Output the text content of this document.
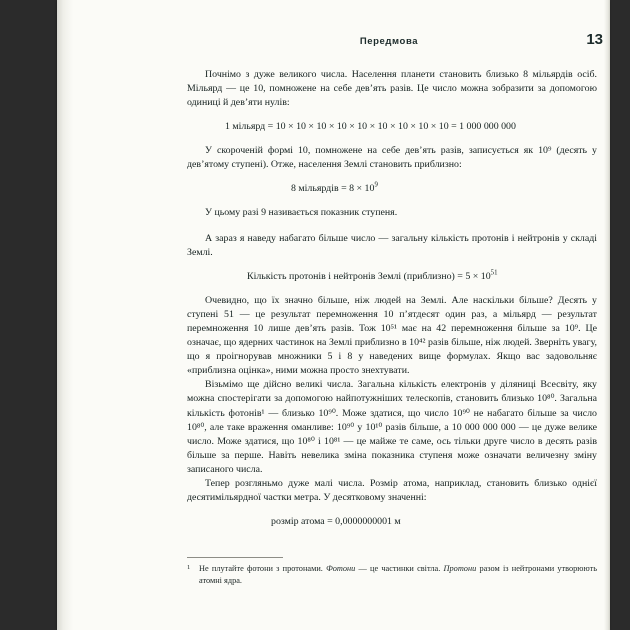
Передмова	13

Почнімо з дуже великого числа. Населення планети становить близько 8 мільярдів осіб. Мільярд — це 10, помножене на себе дев’ять разів. Це число можна зобразити за допомогою одиниці й дев’яти нулів:

1 мільярд = 10 × 10 × 10 × 10 × 10 × 10 × 10 × 10 × 10 = 1 000 000 000

У скороченій формі 10, помножене на себе дев’ять разів, записується як 10⁹ (десять у дев’ятому ступені). Отже, населення Землі становить приблизно:

8 мільярдів = $8 \times 10^9$

У цьому разі 9 називається показник ступеня.

А зараз я наведу набагато більше число — загальну кількість протонів і нейтронів у складі Землі.

Кількість протонів і нейтронів Землі (приблизно) = $5 \times 10^{51}$

Очевидно, що їх значно більше, ніж людей на Землі. Але наскільки більше? Десять у ступені 51 — це результат перемноження 10 п’ятдесят один раз, а мільярд — результат перемноження 10 лише дев’ять разів. Тож 10⁵¹ має на 42 перемноження більше за 10⁹. Це означає, що ядерних частинок на Землі приблизно в 10⁴² разів більше, ніж людей. Зверніть увагу, що я проігнорував множники 5 і 8 у наведених вище формулах. Якщо вас задовольняє «приблизна оцінка», ними можна просто знехтувати.

Візьмімо ще дійсно великі числа. Загальна кількість електронів у діляниці Всесвіту, яку можна спостерігати за допомогою найпотужніших телескопів, становить близько 10⁸⁰. Загальна кількість фотонів¹ — близько 10⁹⁰. Може здатися, що число 10⁹⁰ не набагато більше за число 10⁸⁰, але таке враження оманливе: 10⁹⁰ у 10¹⁰ разів більше, а 10 000 000 000 — це дуже велике число. Може здатися, що 10⁸⁰ і 10⁸¹ — це майже те саме, ось тільки друге число в десять разів більше за перше. Навіть невелика зміна показника ступеня може означати величезну зміну записаного числа.

Тепер розгляньмо дуже малі числа. Розмір атома, наприклад, становить близько однієї десятимільярдної частки метра. У десятковому значенні:

розмір атома = 0,0000000001 м
1 Не плутайте фотони з протонами. Фотони — це частинки світла. Протони разом із нейтронами утворюють атомні ядра.
